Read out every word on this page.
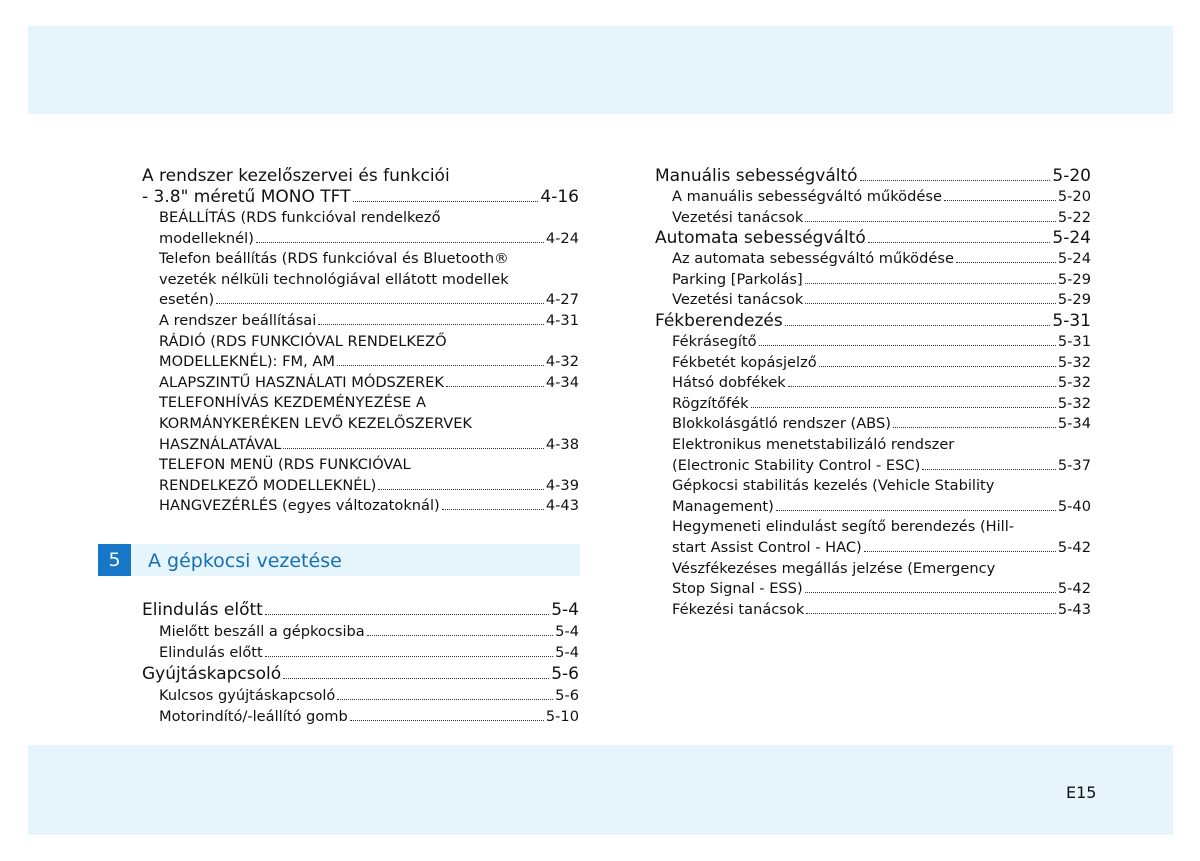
A rendszer kezelőszervei és funkciói
- 3.8" méretű MONO TFT	4-16
BEÁLLÍTÁS (RDS funkcióval rendelkező
modelleknél)	4-24
Telefon beállítás (RDS funkcióval és Bluetooth®
vezeték nélküli technológiával ellátott modellek
esetén)	4-27
A rendszer beállításai	4-31
RÁDIÓ (RDS FUNKCIÓVAL RENDELKEZŐ
MODELLEKNÉL): FM, AM	4-32
ALAPSZINTŰ HASZNÁLATI MÓDSZEREK	4-34
TELEFONHÍVÁS KEZDEMÉNYEZÉSE A
KORMÁNYKERÉKEN LEVŐ KEZELŐSZERVEK
HASZNÁLATÁVAL	4-38
TELEFON MENÜ (RDS FUNKCIÓVAL
RENDELKEZŐ MODELLEKNÉL)	4-39
HANGVEZÉRLÉS (egyes változatoknál)	4-43
5	A gépkocsi vezetése
Elindulás előtt	5-4
Mielőtt beszáll a gépkocsiba	5-4
Elindulás előtt	5-4
Gyújtáskapcsoló	5-6
Kulcsos gyújtáskapcsoló	5-6
Motorindító/-leállító gomb	5-10
Manuális sebességváltó	5-20
A manuális sebességváltó működése	5-20
Vezetési tanácsok	5-22
Automata sebességváltó	5-24
Az automata sebességváltó működése	5-24
Parking [Parkolás]	5-29
Vezetési tanácsok	5-29
Fékberendezés	5-31
Fékrásegítő	5-31
Fékbetét kopásjelző	5-32
Hátsó dobfékek	5-32
Rögzítőfék	5-32
Blokkolásgátló rendszer (ABS)	5-34
Elektronikus menetstabilizáló rendszer
(Electronic Stability Control - ESC)	5-37
Gépkocsi stabilitás kezelés (Vehicle Stability
Management)	5-40
Hegymeneti elindulást segítő berendezés (Hill-
start Assist Control - HAC)	5-42
Vészfékezéses megállás jelzése (Emergency
Stop Signal - ESS)	5-42
Fékezési tanácsok	5-43
E15
